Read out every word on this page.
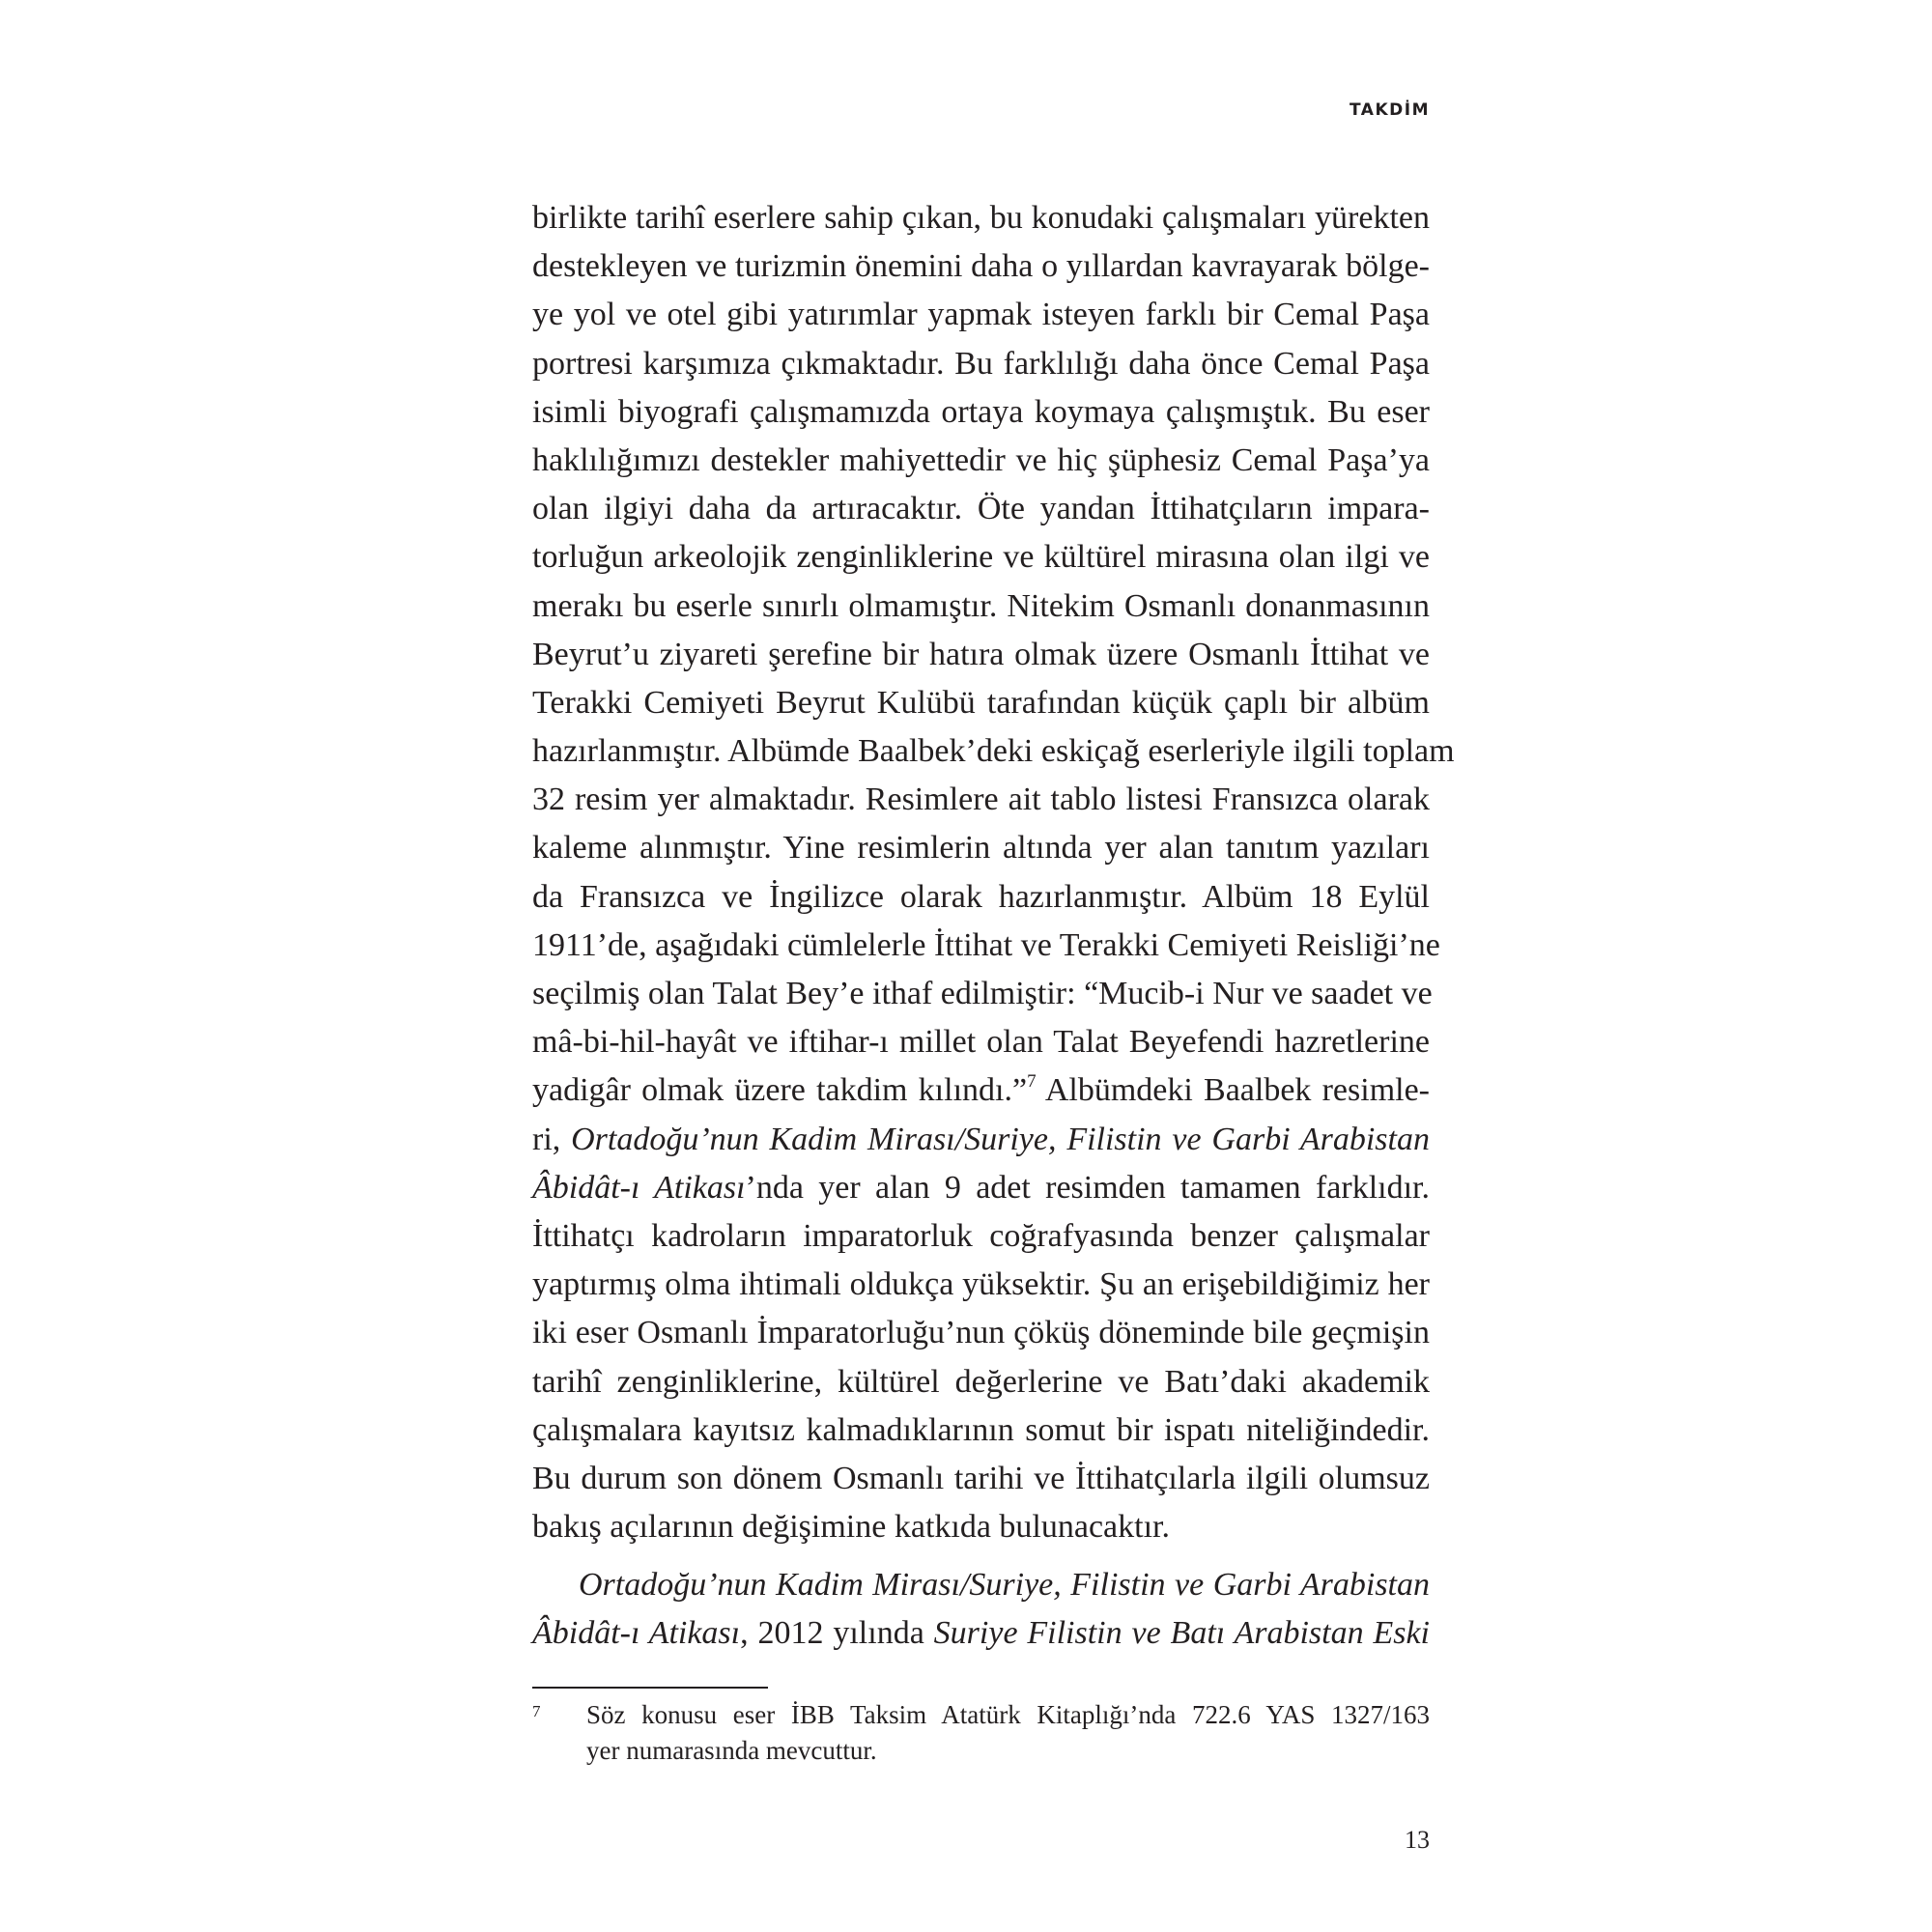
TAKDİM
birlikte tarihî eserlere sahip çıkan, bu konudaki çalışmaları yürekten
destekleyen ve turizmin önemini daha o yıllardan kavrayarak bölge-
ye yol ve otel gibi yatırımlar yapmak isteyen farklı bir Cemal Paşa
portresi karşımıza çıkmaktadır. Bu farklılığı daha önce Cemal Paşa
isimli biyografi çalışmamızda ortaya koymaya çalışmıştık. Bu eser
haklılığımızı destekler mahiyettedir ve hiç şüphesiz Cemal Paşa’ya
olan ilgiyi daha da artıracaktır. Öte yandan İttihatçıların impara-
torluğun arkeolojik zenginliklerine ve kültürel mirasına olan ilgi ve
merakı bu eserle sınırlı olmamıştır. Nitekim Osmanlı donanmasının
Beyrut’u ziyareti şerefine bir hatıra olmak üzere Osmanlı İttihat ve
Terakki Cemiyeti Beyrut Kulübü tarafından küçük çaplı bir albüm
hazırlanmıştır. Albümde Baalbek’deki eskiçağ eserleriyle ilgili toplam
32 resim yer almaktadır. Resimlere ait tablo listesi Fransızca olarak
kaleme alınmıştır. Yine resimlerin altında yer alan tanıtım yazıları
da Fransızca ve İngilizce olarak hazırlanmıştır. Albüm 18 Eylül
1911’de, aşağıdaki cümlelerle İttihat ve Terakki Cemiyeti Reisliği’ne
seçilmiş olan Talat Bey’e ithaf edilmiştir: “Mucib-i Nur ve saadet ve
mâ-bi-hil-hayât ve iftihar-ı millet olan Talat Beyefendi hazretlerine
yadigâr olmak üzere takdim kılındı.”$^7$ Albümdeki Baalbek resimle-
ri, Ortadoğu’nun Kadim Mirası/Suriye, Filistin ve Garbi Arabistan
Âbidât-ı Atikası’nda yer alan 9 adet resimden tamamen farklıdır.
İttihatçı kadroların imparatorluk coğrafyasında benzer çalışmalar
yaptırmış olma ihtimali oldukça yüksektir. Şu an erişebildiğimiz her
iki eser Osmanlı İmparatorluğu’nun çöküş döneminde bile geçmişin
tarihî zenginliklerine, kültürel değerlerine ve Batı’daki akademik
çalışmalara kayıtsız kalmadıklarının somut bir ispatı niteliğindedir.
Bu durum son dönem Osmanlı tarihi ve İttihatçılarla ilgili olumsuz
bakış açılarının değişimine katkıda bulunacaktır.
Ortadoğu’nun Kadim Mirası/Suriye, Filistin ve Garbi Arabistan
Âbidât-ı Atikası, 2012 yılında Suriye Filistin ve Batı Arabistan Eski
7 Söz konusu eser İBB Taksim Atatürk Kitaplığı’nda 722.6 YAS 1327/163
yer numarasında mevcuttur.
13
